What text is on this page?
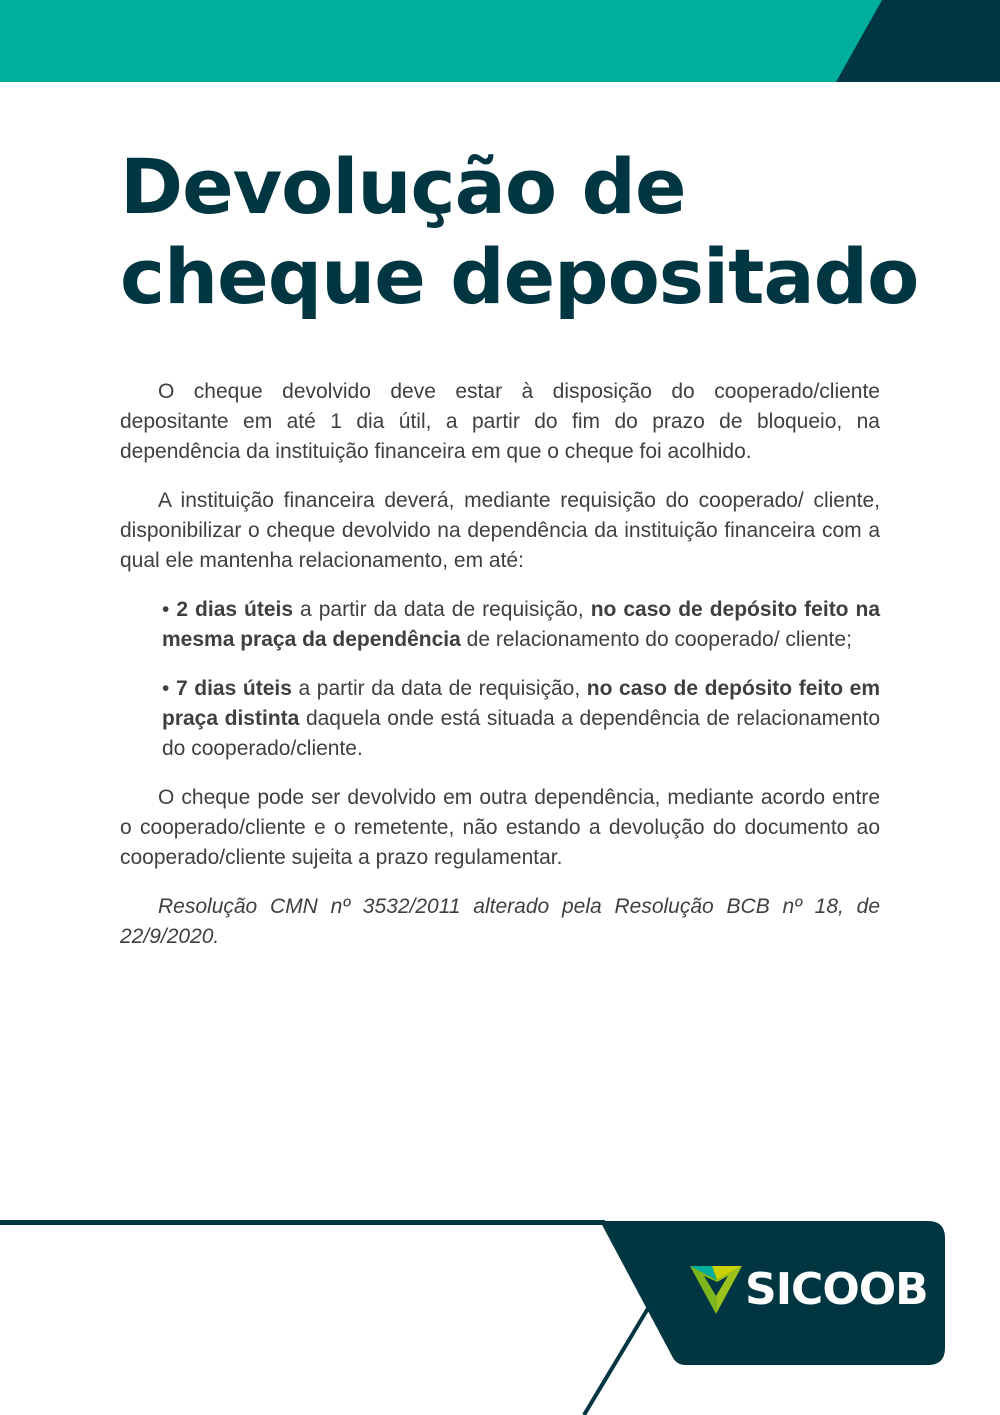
Devolução de
cheque depositado

O cheque devolvido deve estar à disposição do cooperado/cliente depositante em até 1 dia útil, a partir do fim do prazo de bloqueio, na dependência da instituição financeira em que o cheque foi acolhido.

A instituição financeira deverá, mediante requisição do cooperado/ cliente, disponibilizar o cheque devolvido na dependência da instituição financeira com a qual ele mantenha relacionamento, em até:

• 2 dias úteis a partir da data de requisição, no caso de depósito feito na mesma praça da dependência de relacionamento do cooperado/ cliente;

• 7 dias úteis a partir da data de requisição, no caso de depósito feito em praça distinta daquela onde está situada a dependência de relacionamento do cooperado/cliente.

O cheque pode ser devolvido em outra dependência, mediante acordo entre o cooperado/cliente e o remetente, não estando a devolução do documento ao cooperado/cliente sujeita a prazo regulamentar.

Resolução CMN nº 3532/2011 alterado pela Resolução BCB nº 18, de 22/9/2020.

SICOOB
